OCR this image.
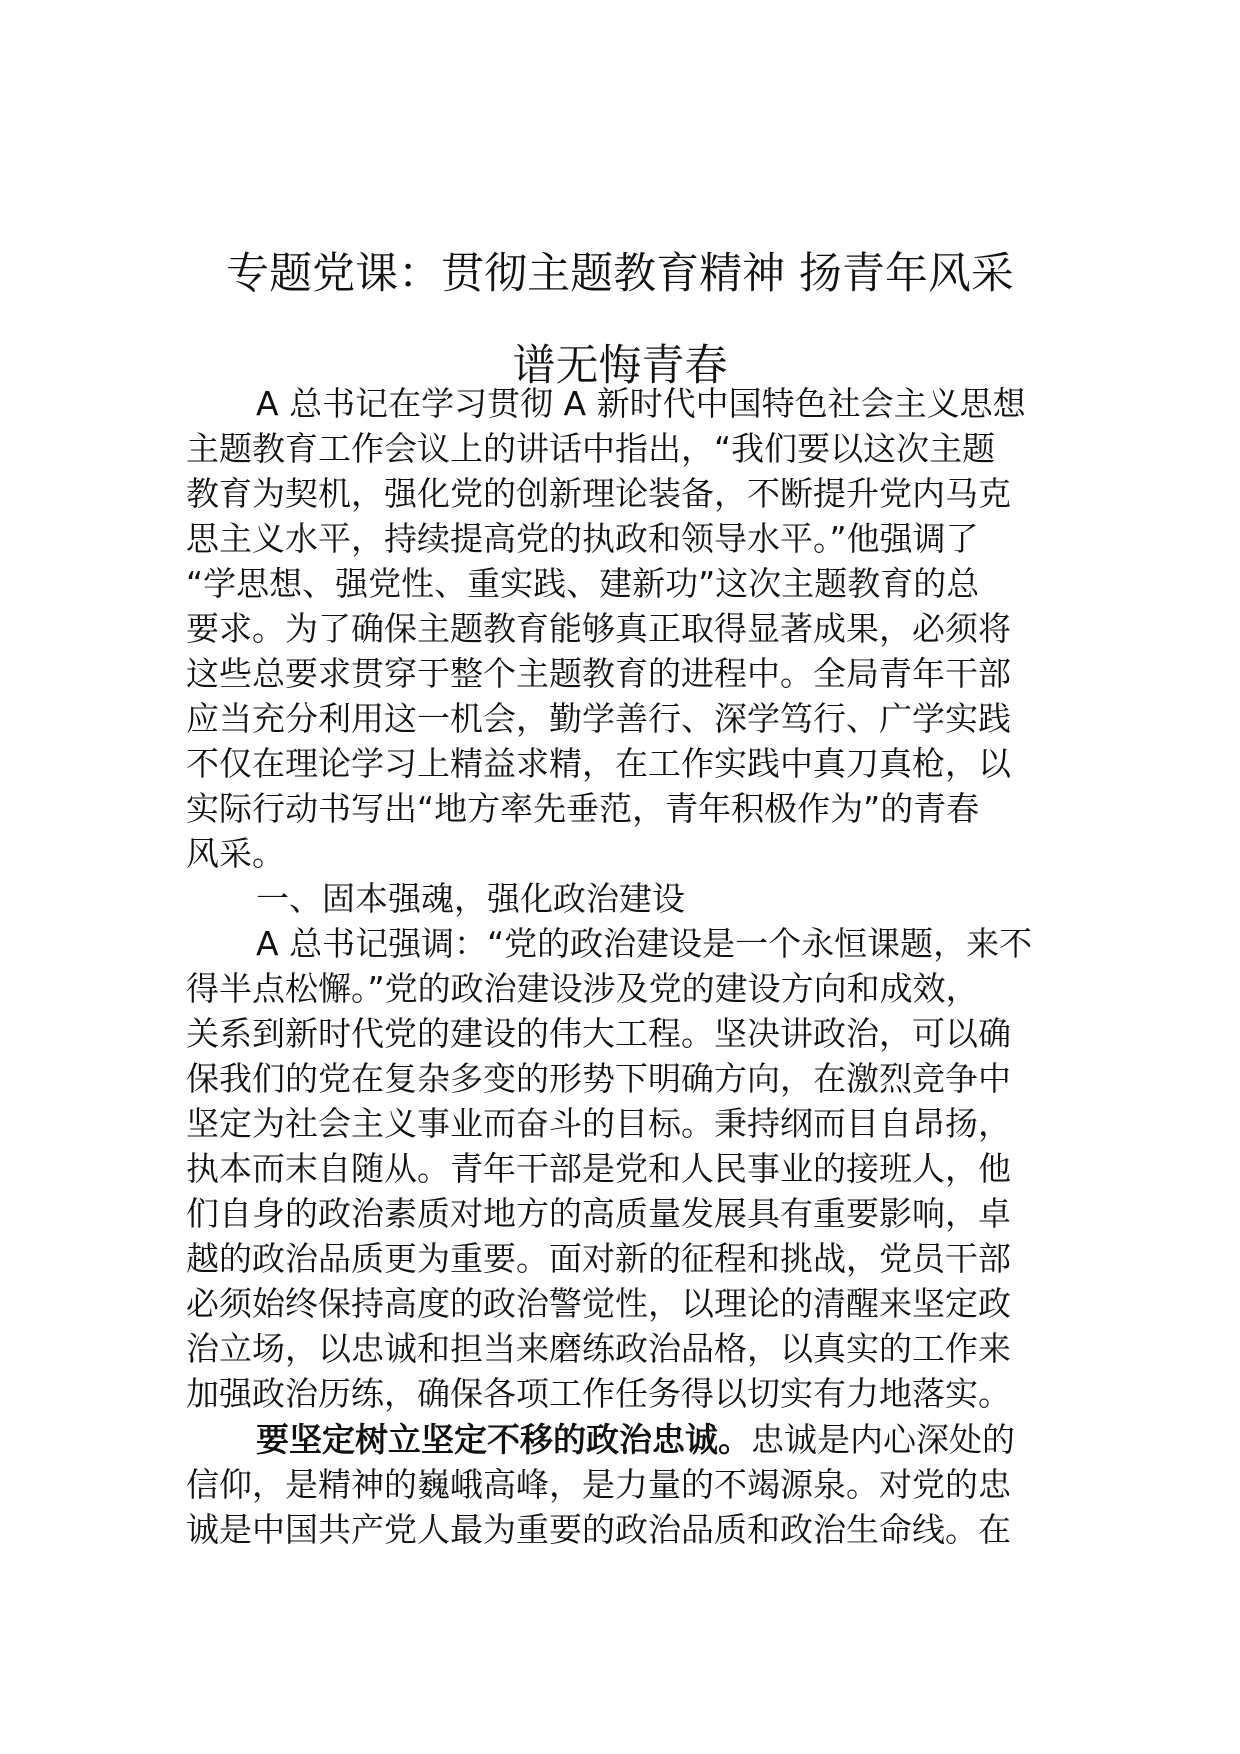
专题党课：贯彻主题教育精神 扬青年风采
谱无悔青春
A 总书记在学习贯彻 A 新时代中国特色社会主义思想
主题教育工作会议上的讲话中指出，“我们要以这次主题
教育为契机，强化党的创新理论装备，不断提升党内马克
思主义水平，持续提高党的执政和领导水平。”他强调了
“学思想、强党性、重实践、建新功”这次主题教育的总
要求。为了确保主题教育能够真正取得显著成果，必须将
这些总要求贯穿于整个主题教育的进程中。全局青年干部
应当充分利用这一机会，勤学善行、深学笃行、广学实践
不仅在理论学习上精益求精，在工作实践中真刀真枪，以
实际行动书写出“地方率先垂范，青年积极作为”的青春
风采。
一、固本强魂，强化政治建设
A 总书记强调：“党的政治建设是一个永恒课题，来不
得半点松懈。”党的政治建设涉及党的建设方向和成效，
关系到新时代党的建设的伟大工程。坚决讲政治，可以确
保我们的党在复杂多变的形势下明确方向，在激烈竞争中
坚定为社会主义事业而奋斗的目标。秉持纲而目自昂扬，
执本而末自随从。青年干部是党和人民事业的接班人，他
们自身的政治素质对地方的高质量发展具有重要影响，卓
越的政治品质更为重要。面对新的征程和挑战，党员干部
必须始终保持高度的政治警觉性，以理论的清醒来坚定政
治立场，以忠诚和担当来磨练政治品格，以真实的工作来
加强政治历练，确保各项工作任务得以切实有力地落实。
要坚定树立坚定不移的政治忠诚。忠诚是内心深处的
信仰，是精神的巍峨高峰，是力量的不竭源泉。对党的忠
诚是中国共产党人最为重要的政治品质和政治生命线。在
